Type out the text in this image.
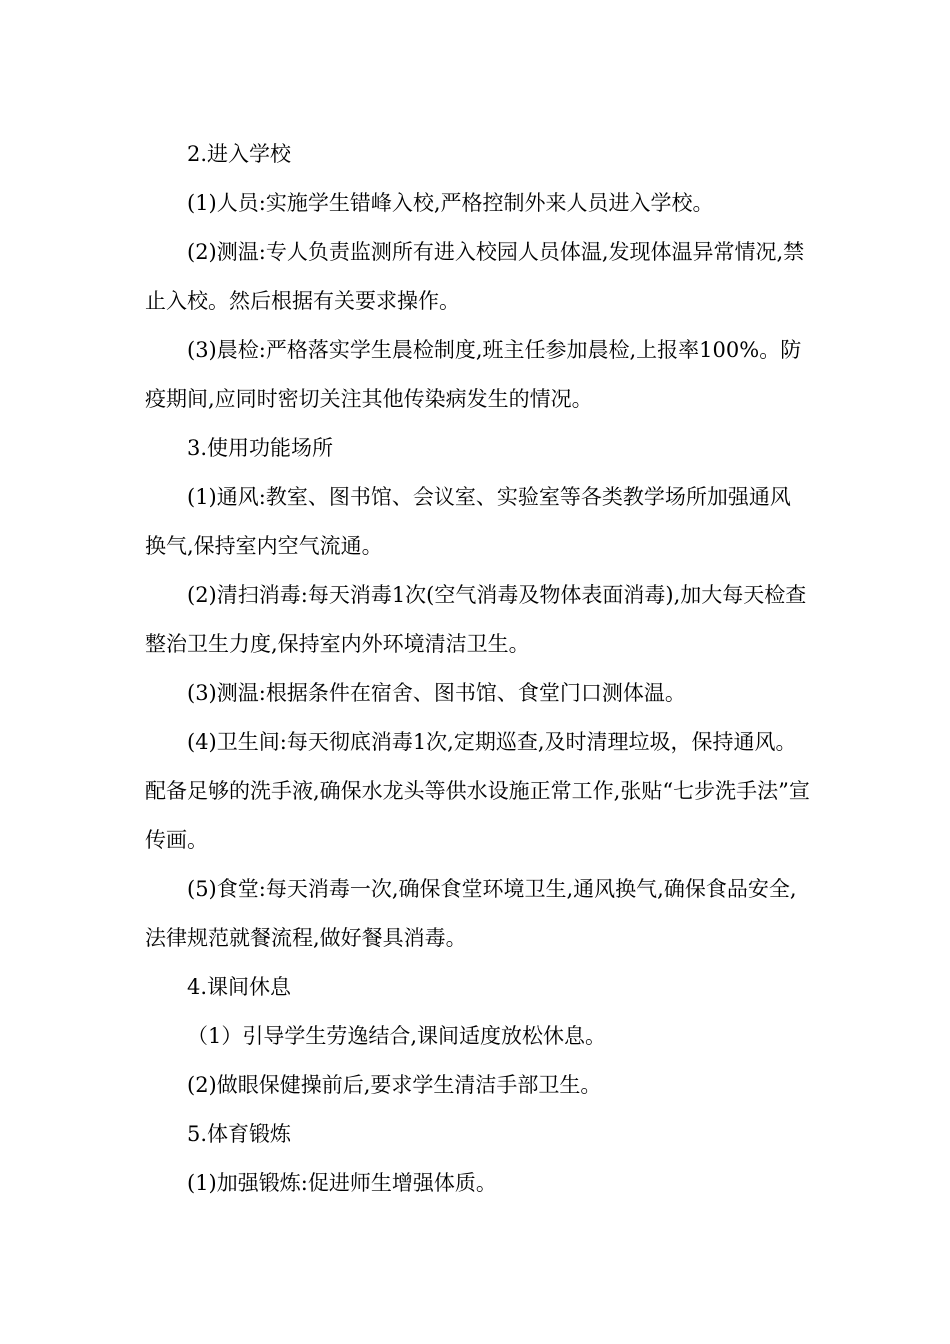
2.进入学校

(1)人员:实施学生错峰入校,严格控制外来人员进入学校。

(2)测温:专人负责监测所有进入校园人员体温,发现体温异常情况,禁止入校。然后根据有关要求操作。

(3)晨检:严格落实学生晨检制度,班主任参加晨检,上报率100%。防疫期间,应同时密切关注其他传染病发生的情况。

3.使用功能场所

(1)通风:教室、图书馆、会议室、实验室等各类教学场所加强通风换气,保持室内空气流通。

(2)清扫消毒:每天消毒1次(空气消毒及物体表面消毒),加大每天检查整治卫生力度,保持室内外环境清洁卫生。

(3)测温:根据条件在宿舍、图书馆、食堂门口测体温。

(4)卫生间:每天彻底消毒1次,定期巡查,及时清理垃圾，保持通风。配备足够的洗手液,确保水龙头等供水设施正常工作,张贴“七步洗手法”宣传画。

(5)食堂:每天消毒一次,确保食堂环境卫生,通风换气,确保食品安全,法律规范就餐流程,做好餐具消毒。

4.课间休息

（1）引导学生劳逸结合,课间适度放松休息。

(2)做眼保健操前后,要求学生清洁手部卫生。

5.体育锻炼

(1)加强锻炼:促进师生增强体质。
